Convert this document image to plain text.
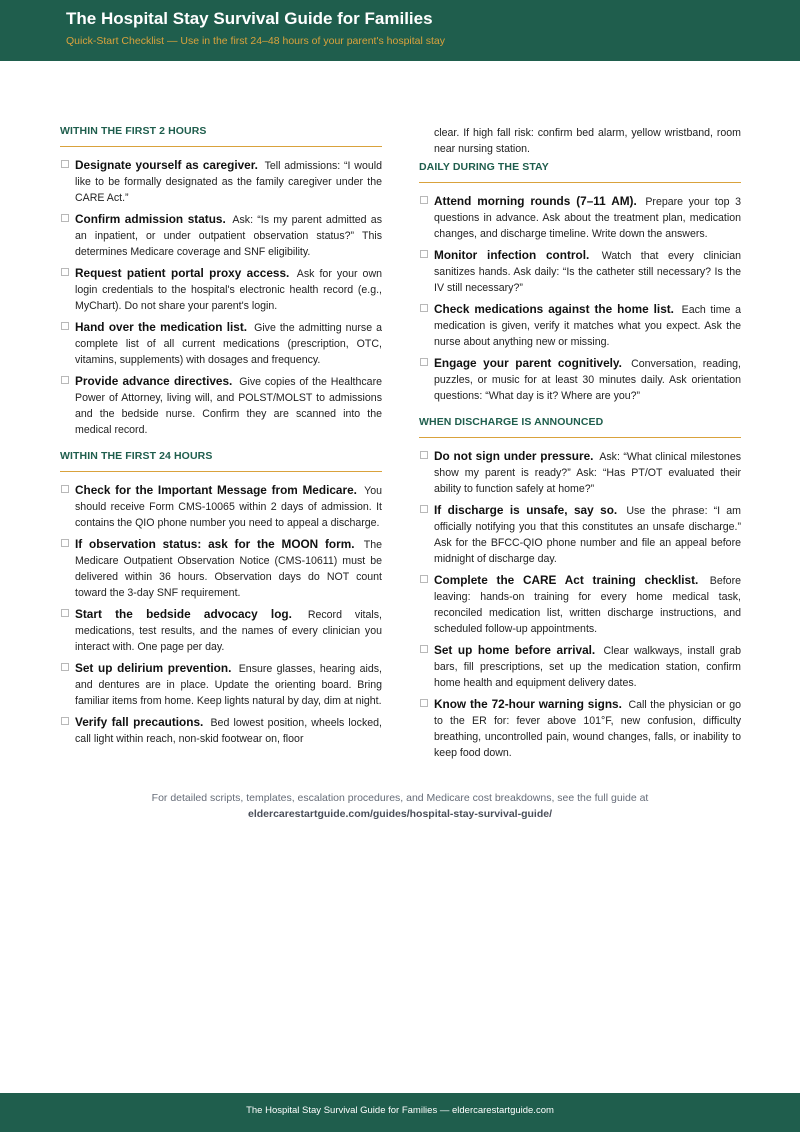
The Hospital Stay Survival Guide for Families
Quick-Start Checklist — Use in the first 24–48 hours of your parent's hospital stay
WITHIN THE FIRST 2 HOURS
Designate yourself as caregiver. Tell admissions: “I would like to be formally designated as the family caregiver under the CARE Act.”
Confirm admission status. Ask: “Is my parent admitted as an inpatient, or under outpatient observation status?” This determines Medicare coverage and SNF eligibility.
Request patient portal proxy access. Ask for your own login credentials to the hospital's electronic health record (e.g., MyChart). Do not share your parent's login.
Hand over the medication list. Give the admitting nurse a complete list of all current medications (prescription, OTC, vitamins, supplements) with dosages and frequency.
Provide advance directives. Give copies of the Healthcare Power of Attorney, living will, and POLST/MOLST to admissions and the bedside nurse. Confirm they are scanned into the medical record.
WITHIN THE FIRST 24 HOURS
Check for the Important Message from Medicare. You should receive Form CMS-10065 within 2 days of admission. It contains the QIO phone number you need to appeal a discharge.
If observation status: ask for the MOON form. The Medicare Outpatient Observation Notice (CMS-10611) must be delivered within 36 hours. Observation days do NOT count toward the 3-day SNF requirement.
Start the bedside advocacy log. Record vitals, medications, test results, and the names of every clinician you interact with. One page per day.
Set up delirium prevention. Ensure glasses, hearing aids, and dentures are in place. Update the orienting board. Bring familiar items from home. Keep lights natural by day, dim at night.
Verify fall precautions. Bed lowest position, wheels locked, call light within reach, non-skid footwear on, floor
clear. If high fall risk: confirm bed alarm, yellow wristband, room near nursing station.
DAILY DURING THE STAY
Attend morning rounds (7–11 AM). Prepare your top 3 questions in advance. Ask about the treatment plan, medication changes, and discharge timeline. Write down the answers.
Monitor infection control. Watch that every clinician sanitizes hands. Ask daily: “Is the catheter still necessary? Is the IV still necessary?”
Check medications against the home list. Each time a medication is given, verify it matches what you expect. Ask the nurse about anything new or missing.
Engage your parent cognitively. Conversation, reading, puzzles, or music for at least 30 minutes daily. Ask orientation questions: “What day is it? Where are you?”
WHEN DISCHARGE IS ANNOUNCED
Do not sign under pressure. Ask: “What clinical milestones show my parent is ready?” Ask: “Has PT/OT evaluated their ability to function safely at home?”
If discharge is unsafe, say so. Use the phrase: “I am officially notifying you that this constitutes an unsafe discharge.” Ask for the BFCC-QIO phone number and file an appeal before midnight of discharge day.
Complete the CARE Act training checklist. Before leaving: hands-on training for every home medical task, reconciled medication list, written discharge instructions, and scheduled follow-up appointments.
Set up home before arrival. Clear walkways, install grab bars, fill prescriptions, set up the medication station, confirm home health and equipment delivery dates.
Know the 72-hour warning signs. Call the physician or go to the ER for: fever above 101°F, new confusion, difficulty breathing, uncontrolled pain, wound changes, falls, or inability to keep food down.
For detailed scripts, templates, escalation procedures, and Medicare cost breakdowns, see the full guide at
eldercarestartguide.com/guides/hospital-stay-survival-guide/
The Hospital Stay Survival Guide for Families — eldercarestartguide.com
